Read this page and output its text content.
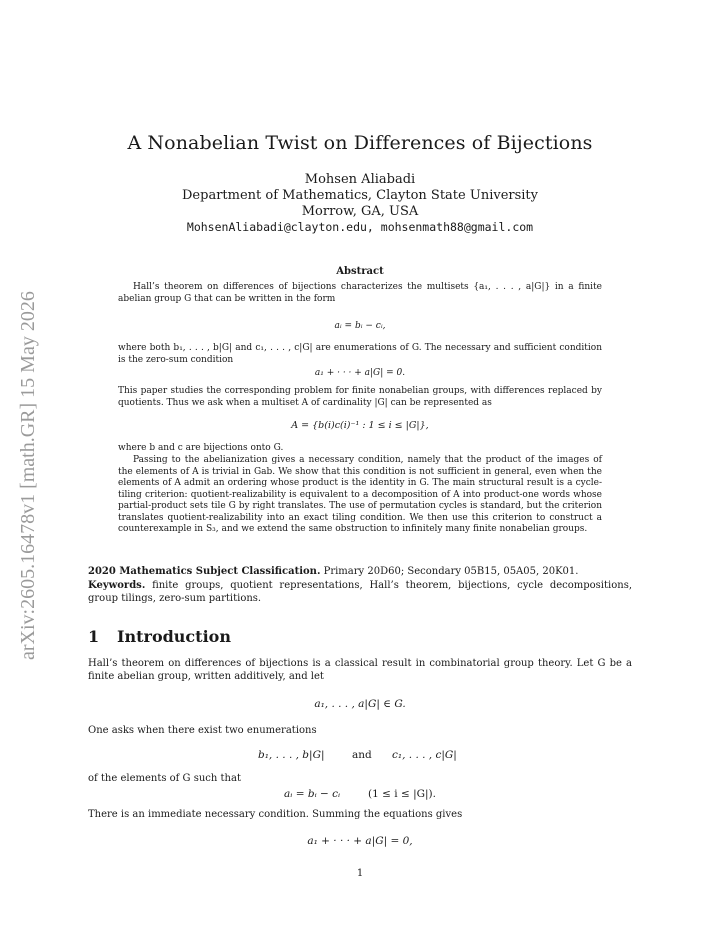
arXiv:2605.16478v1 [math.GR] 15 May 2026
A Nonabelian Twist on Differences of Bijections
Mohsen Aliabadi
Department of Mathematics, Clayton State University
Morrow, GA, USA
MohsenAliabadi@clayton.edu, mohsenmath88@gmail.com
Abstract
Hall’s theorem on differences of bijections characterizes the multisets {a₁, . . . , a|G|} in a finite abelian group G that can be written in the form
aᵢ = bᵢ − cᵢ,
where both b₁, . . . , b|G| and c₁, . . . , c|G| are enumerations of G. The necessary and sufficient condition is the zero-sum condition
a₁ + · · · + a|G| = 0.
This paper studies the corresponding problem for finite nonabelian groups, with differences replaced by quotients. Thus we ask when a multiset A of cardinality |G| can be represented as
A = {b(i)c(i)⁻¹ : 1 ≤ i ≤ |G|},
where b and c are bijections onto G.
Passing to the abelianization gives a necessary condition, namely that the product of the images of the elements of A is trivial in Gab. We show that this condition is not sufficient in general, even when the elements of A admit an ordering whose product is the identity in G. The main structural result is a cycle-tiling criterion: quotient-realizability is equivalent to a decomposition of A into product-one words whose partial-product sets tile G by right translates. The use of permutation cycles is standard, but the criterion translates quotient-realizability into an exact tiling condition. We then use this criterion to construct a counterexample in S₃, and we extend the same obstruction to infinitely many finite nonabelian groups.
2020 Mathematics Subject Classification. Primary 20D60; Secondary 05B15, 05A05, 20K01.
Keywords. finite groups, quotient representations, Hall’s theorem, bijections, cycle decompositions, group tilings, zero-sum partitions.
1 Introduction
Hall’s theorem on differences of bijections is a classical result in combinatorial group theory. Let G be a finite abelian group, written additively, and let
a₁, . . . , a|G| ∈ G.
One asks when there exist two enumerations
b₁, . . . , b|G|	and c₁, . . . , c|G|
of the elements of G such that
aᵢ = bᵢ − cᵢ	(1 ≤ i ≤ |G|).
There is an immediate necessary condition. Summing the equations gives
a₁ + · · · + a|G| = 0,
1
